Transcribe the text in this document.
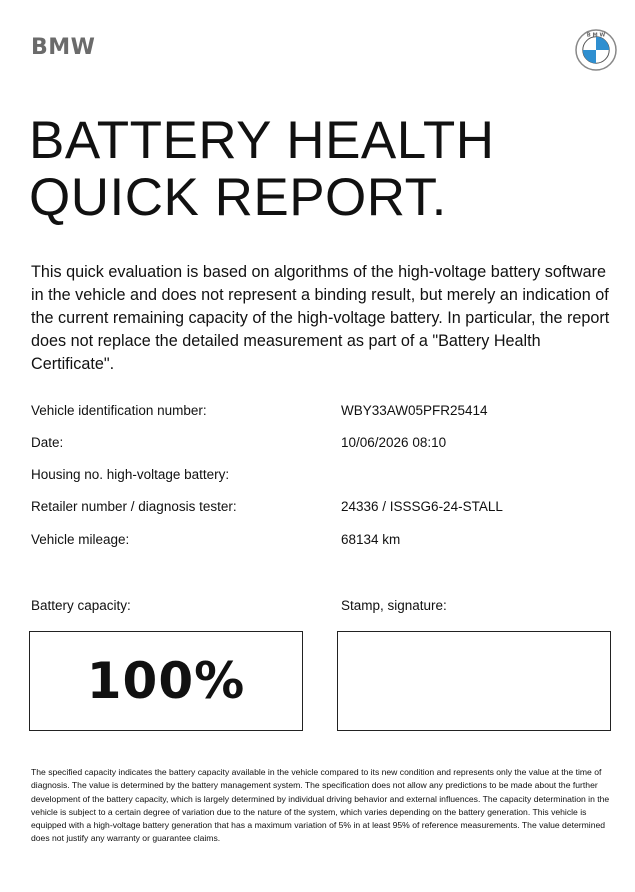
BMW	B M W
BATTERY HEALTH
QUICK REPORT.

This quick evaluation is based on algorithms of the high-voltage battery software in the vehicle and does not represent a binding result, but merely an indication of the current remaining capacity of the high-voltage battery. In particular, the report does not replace the detailed measurement as part of a "Battery Health Certificate".

Vehicle identification number:	WBY33AW05PFR25414
Date:	10/06/2026 08:10
Housing no. high-voltage battery:
Retailer number / diagnosis tester:	24336 / ISSSG6-24-STALL
Vehicle mileage:	68134 km
Battery capacity:	Stamp, signature:
100%

The specified capacity indicates the battery capacity available in the vehicle compared to its new condition and represents only the value at the time of diagnosis. The value is determined by the battery management system. The specification does not allow any predictions to be made about the further development of the battery capacity, which is largely determined by individual driving behavior and external influences. The capacity determination in the vehicle is subject to a certain degree of variation due to the nature of the system, which varies depending on the battery generation. This vehicle is equipped with a high-voltage battery generation that has a maximum variation of 5% in at least 95% of reference measurements. The value determined does not justify any warranty or guarantee claims.
